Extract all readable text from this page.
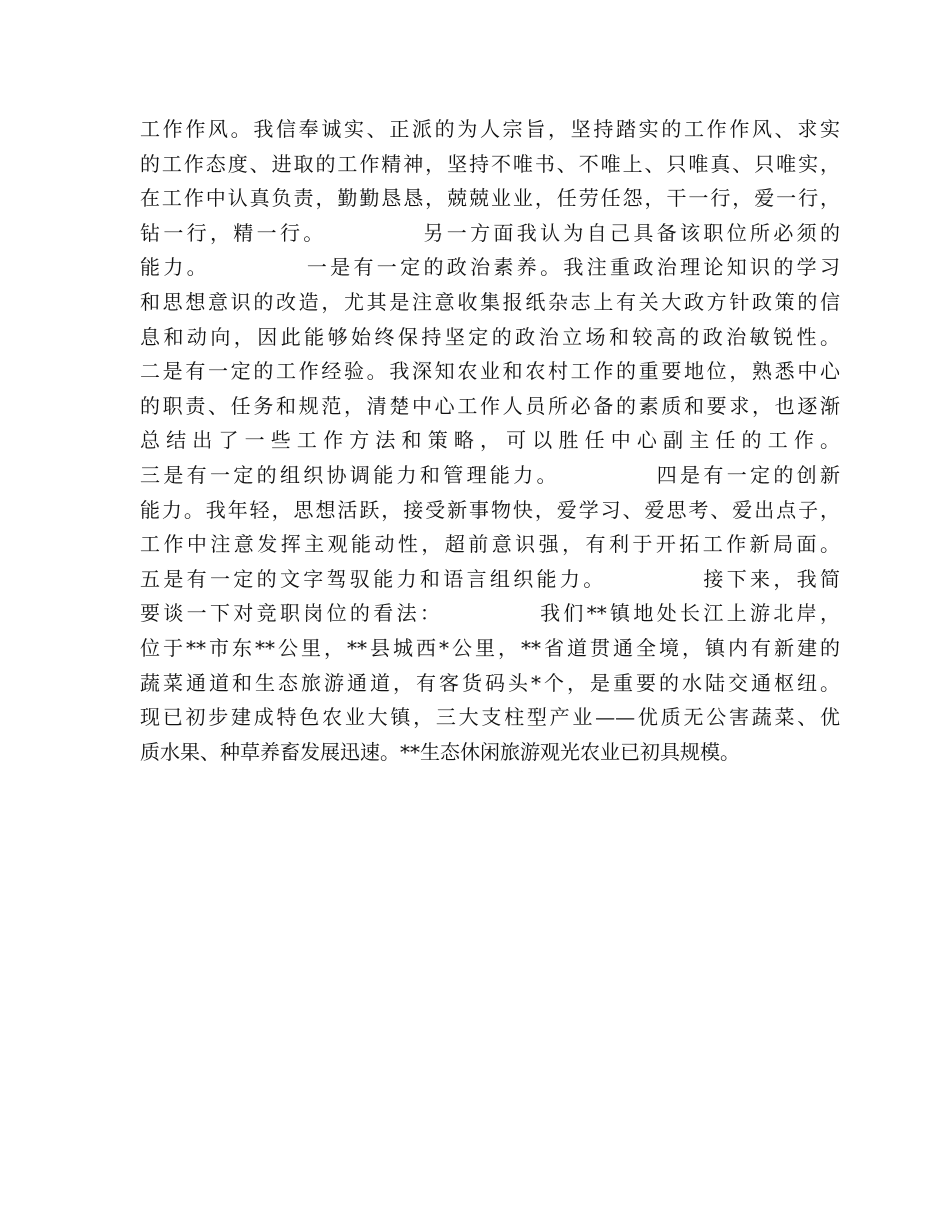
工作作风。我信奉诚实、正派的为人宗旨，坚持踏实的工作作风、求实
的工作态度、进取的工作精神，坚持不唯书、不唯上、只唯真、只唯实，
在工作中认真负责，勤勤恳恳，兢兢业业，任劳任怨，干一行，爱一行，
钻一行，精一行。          另一方面我认为自己具备该职位所必须的
能力。          一是有一定的政治素养。我注重政治理论知识的学习
和思想意识的改造，尤其是注意收集报纸杂志上有关大政方针政策的信
息和动向，因此能够始终保持坚定的政治立场和较高的政治敏锐性。
二是有一定的工作经验。我深知农业和农村工作的重要地位，熟悉中心
的职责、任务和规范，清楚中心工作人员所必备的素质和要求，也逐渐
总结出了一些工作方法和策略，可以胜任中心副主任的工作。
三是有一定的组织协调能力和管理能力。          四是有一定的创新
能力。我年轻，思想活跃，接受新事物快，爱学习、爱思考、爱出点子，
工作中注意发挥主观能动性，超前意识强，有利于开拓工作新局面。
五是有一定的文字驾驭能力和语言组织能力。          接下来，我简
要谈一下对竞职岗位的看法：          我们**镇地处长江上游北岸，
位于**市东**公里，**县城西*公里，**省道贯通全境，镇内有新建的
蔬菜通道和生态旅游通道，有客货码头*个，是重要的水陆交通枢纽。
现已初步建成特色农业大镇，三大支柱型产业——优质无公害蔬菜、优
质水果、种草养畜发展迅速。**生态休闲旅游观光农业已初具规模。
